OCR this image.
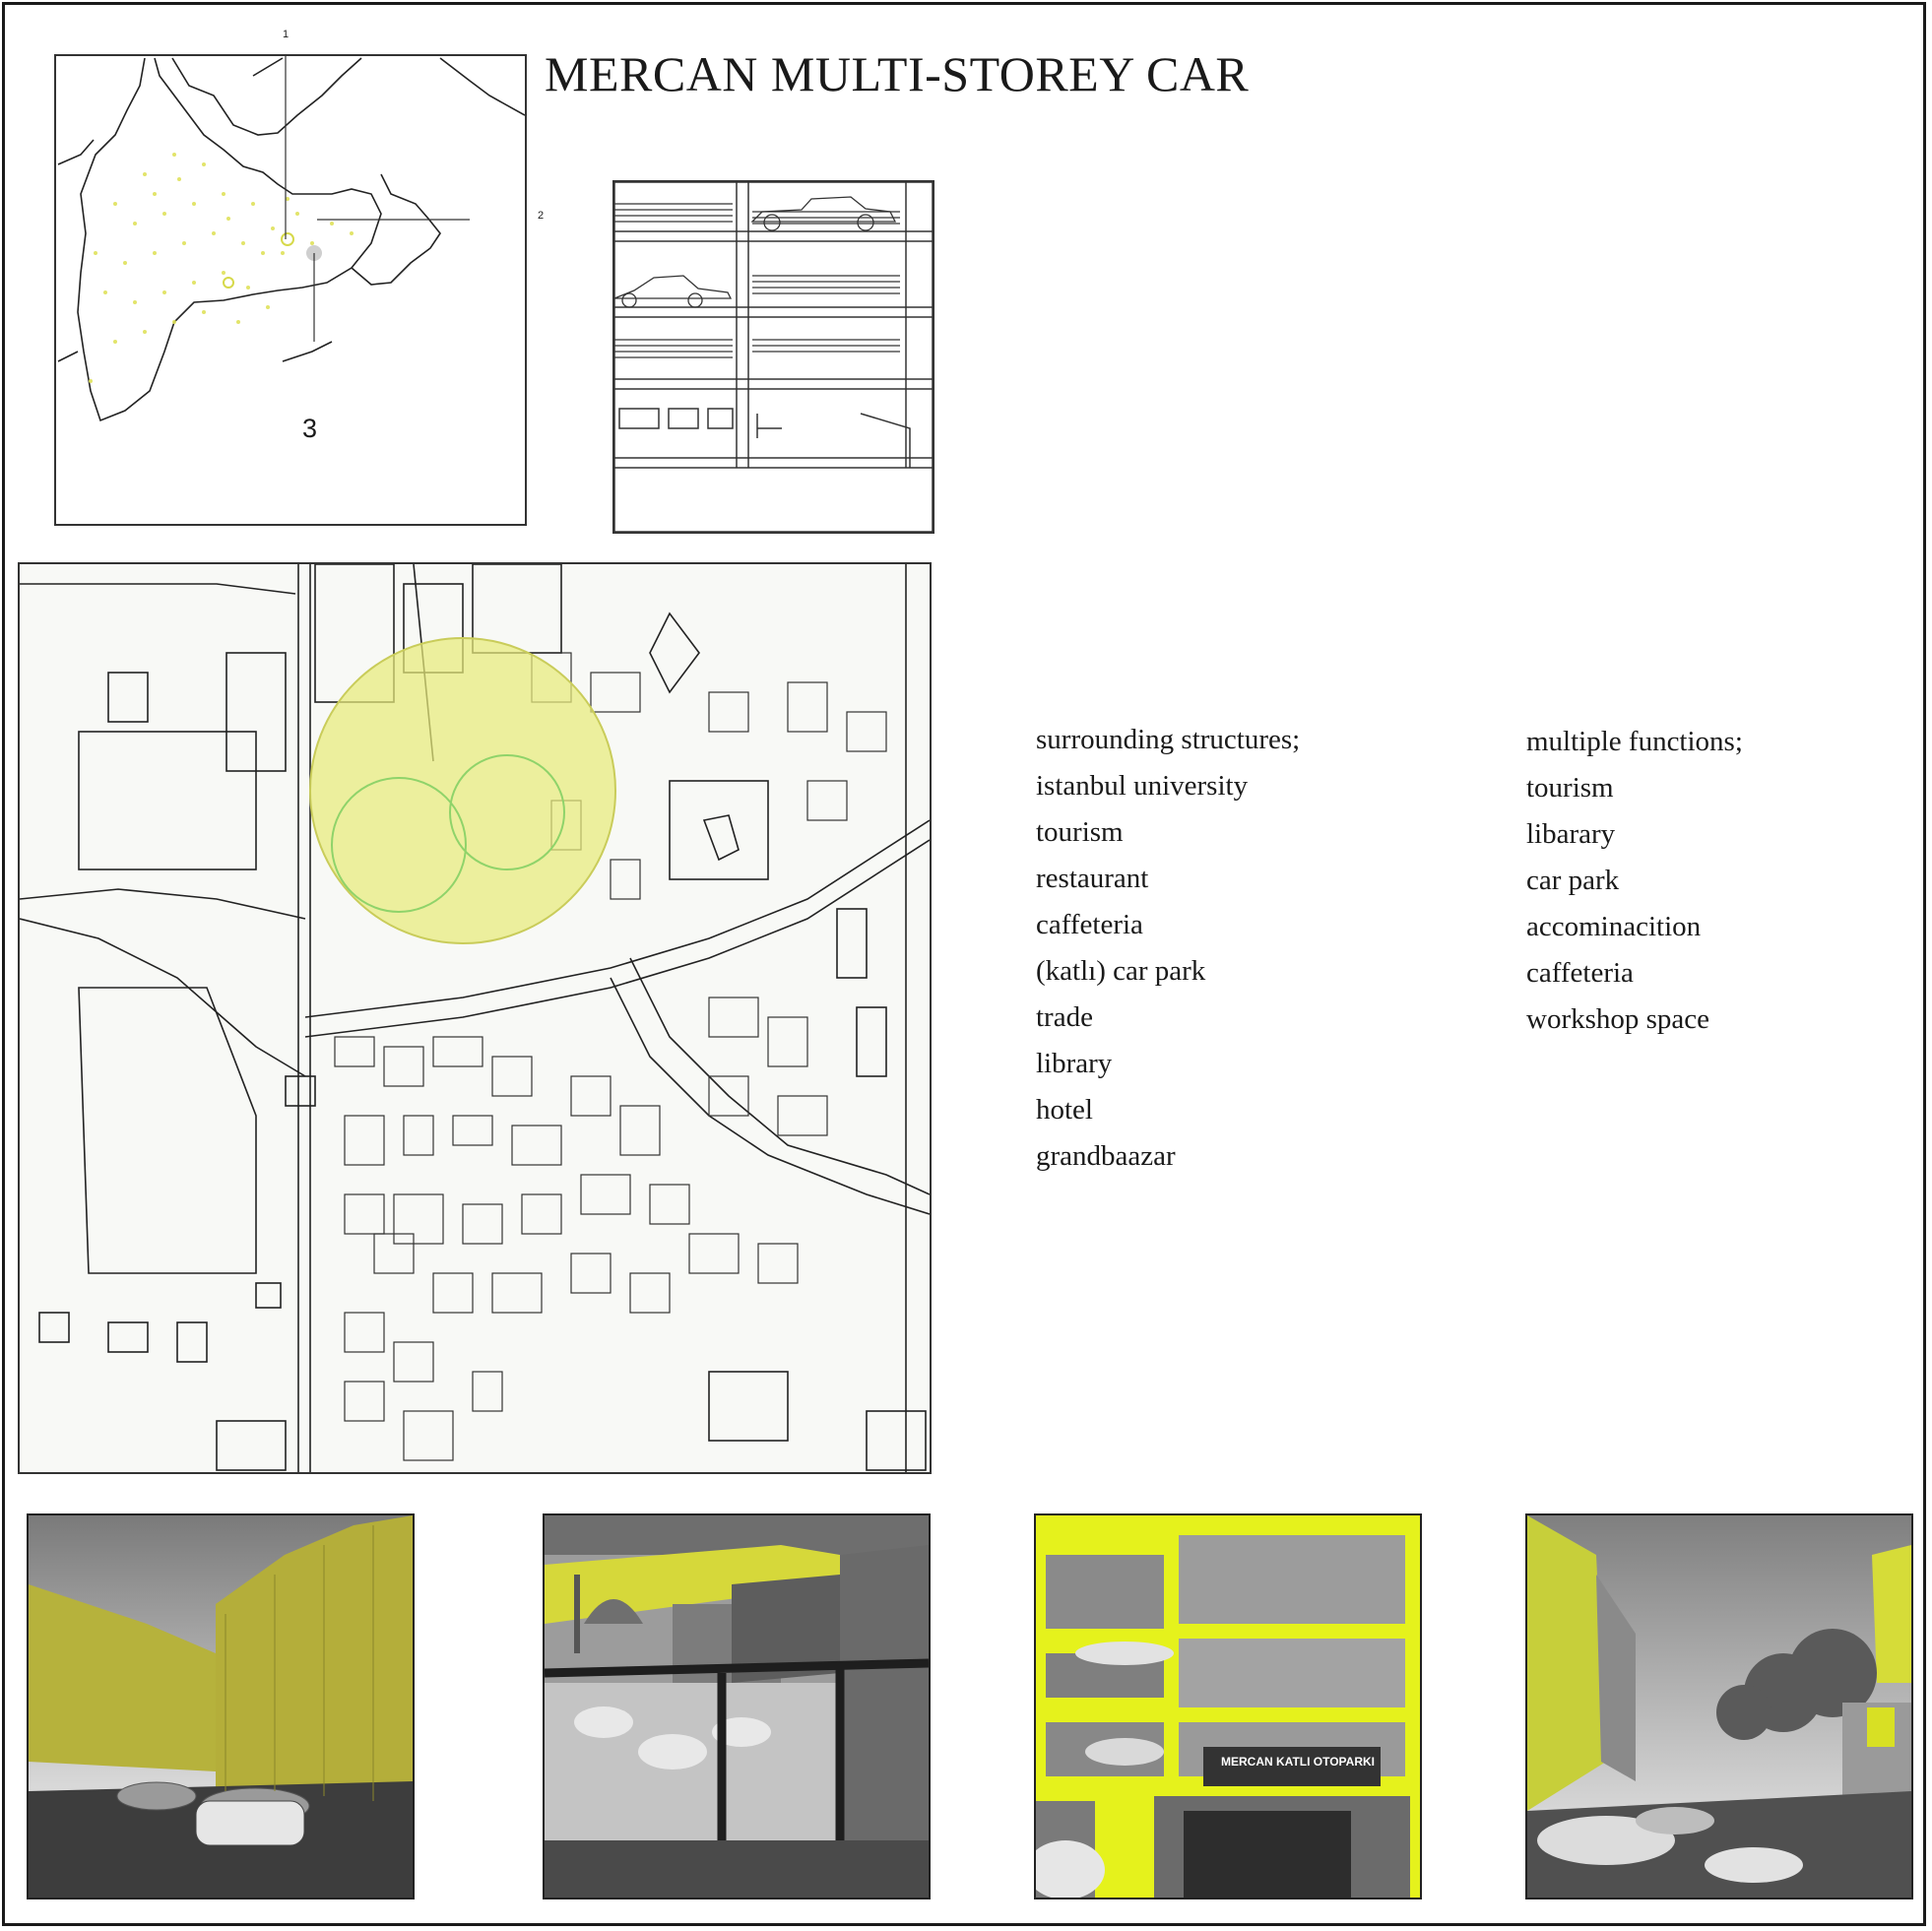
MERCAN MULTI-STOREY CAR
1
2
3
surrounding structures;
istanbul university
tourism
restaurant
caffeteria
(katlı) car park
trade
library
hotel
grandbaazar
multiple functions;
tourism
libarary
car park
accominacition
caffeteria
workshop space
MERCAN KATLI OTOPARKI
